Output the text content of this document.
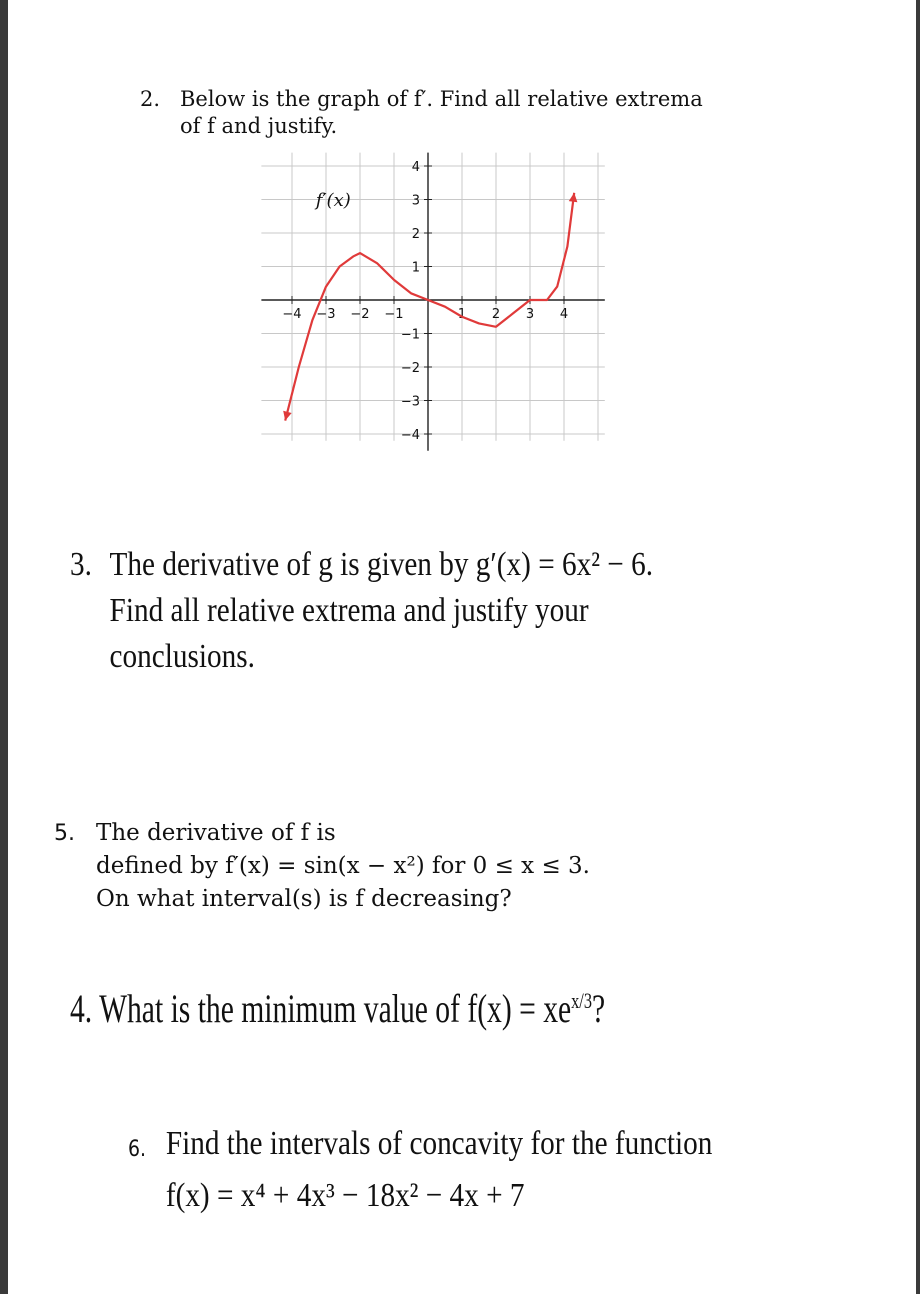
2. Below is the graph of f′. Find all relative extrema
of f and justify.
−4 −3 −2 −1	1 2 3 4
4
3
2
1
−1
−2
−3
−4
f′(x)
3. The derivative of g is given by g′(x) = 6x² − 6.
Find all relative extrema and justify your
conclusions.
5. The derivative of f is
defined by f′(x) = sin(x − x²) for 0 ≤ x ≤ 3.
On what interval(s) is f decreasing?
4. What is the minimum value of $f(x) = xe^{x/3}$?
6. Find the intervals of concavity for the function
f(x) = x⁴ + 4x³ − 18x² − 4x + 7
